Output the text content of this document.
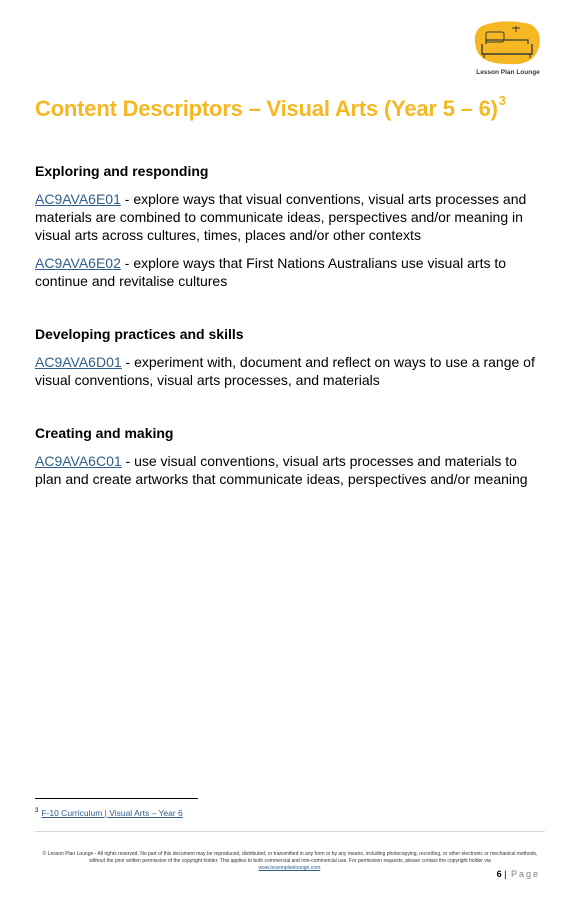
Lesson Plan Lounge
Content Descriptors – Visual Arts (Year 5 – 6)$^3$

Exploring and responding

AC9AVA6E01 - explore ways that visual conventions, visual arts processes and materials are combined to communicate ideas, perspectives and/or meaning in visual arts across cultures, times, places and/or other contexts

AC9AVA6E02 - explore ways that First Nations Australians use visual arts to continue and revitalise cultures

Developing practices and skills

AC9AVA6D01 - experiment with, document and reflect on ways to use a range of visual conventions, visual arts processes, and materials

Creating and making

AC9AVA6C01 - use visual conventions, visual arts processes and materials to plan and create artworks that communicate ideas, perspectives and/or meaning

$^3$ F-10 Curriculum | Visual Arts – Year 6
© Lesson Plan Lounge - All rights reserved. No part of this document may be reproduced, distributed, or transmitted in any form or by any means, including photocopying, recording, or other electronic or mechanical methods, without the prior written permission of the copyright holder. This applies to both commercial and non-commercial use. For permission requests, please contact the copyright holder via
www.lessonplanlounge.com.
6 | Page
